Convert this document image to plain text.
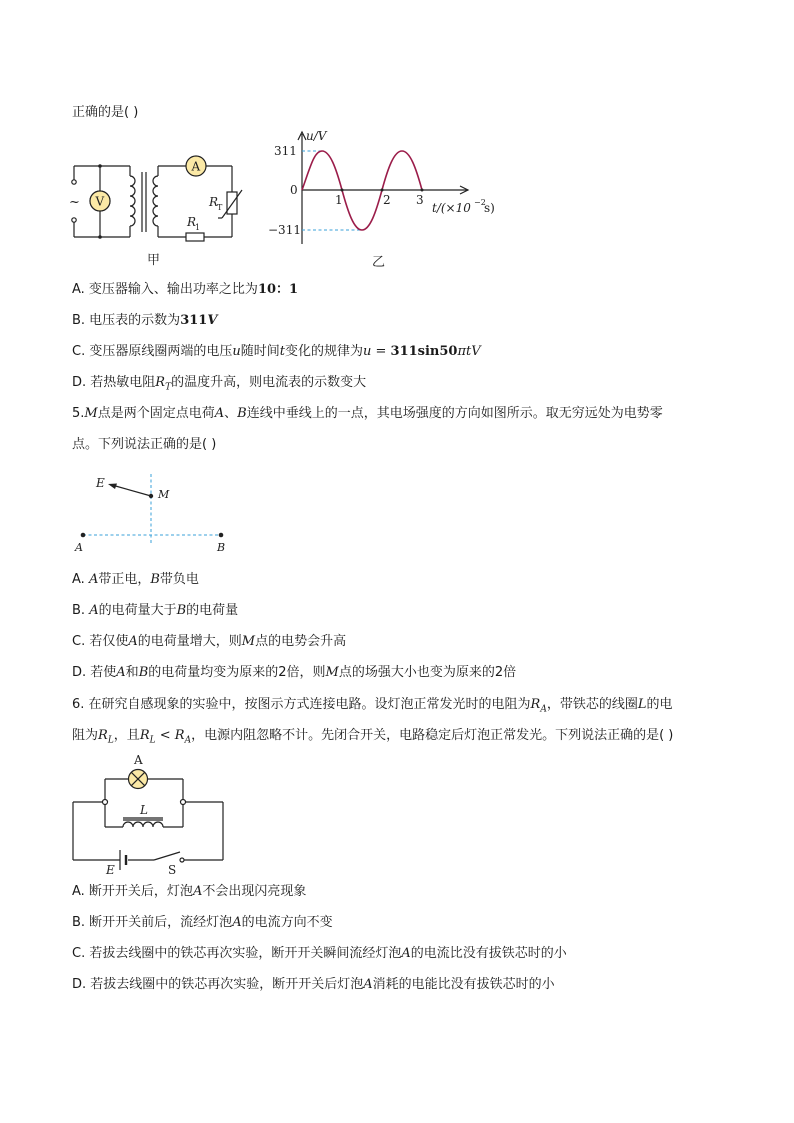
正确的是( )
A
V
~	R
T
R
1
甲
u/V
311
0
−311
1	2 3
t/(×10 −2
s)
乙
A. 变压器输入、输出功率之比为10：1
B. 电压表的示数为311V
C. 变压器原线圈两端的电压u随时间t变化的规律为u = 311sin50πtV
D. 若热敏电阻$R_T$的温度升高，则电流表的示数变大
5.M点是两个固定点电荷A、B连线中垂线上的一点，其电场强度的方向如图所示。取无穷远处为电势零
点。下列说法正确的是( )
E
M
A	B
A. A带正电，B带负电
B. A的电荷量大于B的电荷量
C. 若仅使A的电荷量增大，则M点的电势会升高
D. 若使A和B的电荷量均变为原来的2倍，则M点的场强大小也变为原来的2倍
6. 在研究自感现象的实验中，按图示方式连接电路。设灯泡正常发光时的电阻为$R_A$，带铁芯的线圈L的电
阻为$R_L$，且$R_L < R_A$，电源内阻忽略不计。先闭合开关，电路稳定后灯泡正常发光。下列说法正确的是( )
A
L
E	S
A. 断开开关后，灯泡A不会出现闪亮现象
B. 断开开关前后，流经灯泡A的电流方向不变
C. 若拔去线圈中的铁芯再次实验，断开开关瞬间流经灯泡A的电流比没有拔铁芯时的小
D. 若拔去线圈中的铁芯再次实验，断开开关后灯泡A消耗的电能比没有拔铁芯时的小
